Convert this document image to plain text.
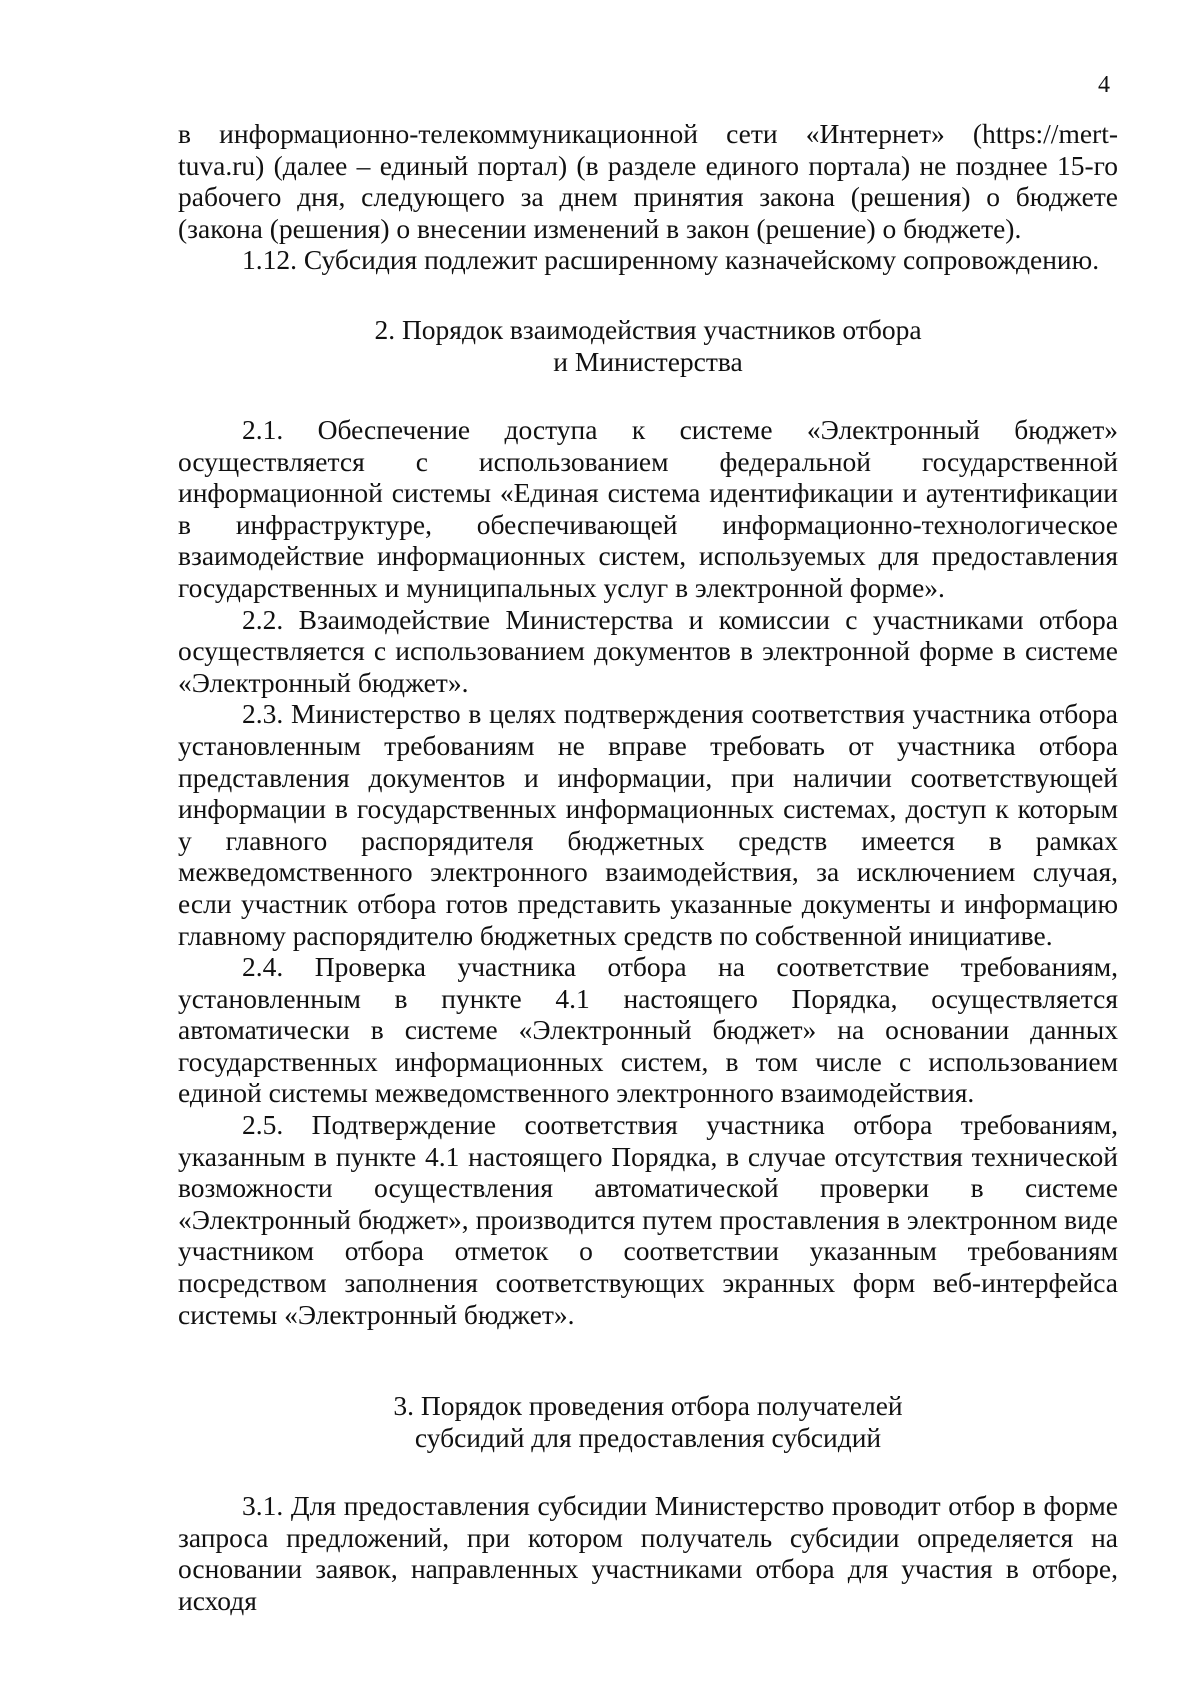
4

в информационно-телекоммуникационной сети «Интернет» (https://mert-tuva.ru) (далее – единый портал) (в разделе единого портала) не позднее 15-го рабочего дня, следующего за днем принятия закона (решения) о бюджете (закона (решения) о внесении изменений в закон (решение) о бюджете).

1.12. Субсидия подлежит расширенному казначейскому сопровождению.

2. Порядок взаимодействия участников отбора
и Министерства

2.1. Обеспечение доступа к системе «Электронный бюджет» осуществляется с использованием федеральной государственной информационной системы «Единая система идентификации и аутентификации в инфраструктуре, обеспечивающей информационно-технологическое взаимодействие информационных систем, используемых для предоставления государственных и муниципальных услуг в электронной форме».

2.2. Взаимодействие Министерства и комиссии с участниками отбора осуществляется с использованием документов в электронной форме в системе «Электронный бюджет».

2.3. Министерство в целях подтверждения соответствия участника отбора установленным требованиям не вправе требовать от участника отбора представления документов и информации, при наличии соответствующей информации в государственных информационных системах, доступ к которым у главного распорядителя бюджетных средств имеется в рамках межведомственного электронного взаимодействия, за исключением случая, если участник отбора готов представить указанные документы и информацию главному распорядителю бюджетных средств по собственной инициативе.

2.4. Проверка участника отбора на соответствие требованиям, установленным в пункте 4.1 настоящего Порядка, осуществляется автоматически в системе «Электронный бюджет» на основании данных государственных информационных систем, в том числе с использованием единой системы межведомственного электронного взаимодействия.

2.5. Подтверждение соответствия участника отбора требованиям, указанным в пункте 4.1 настоящего Порядка, в случае отсутствия технической возможности осуществления автоматической проверки в системе «Электронный бюджет», производится путем проставления в электронном виде участником отбора отметок о соответствии указанным требованиям посредством заполнения соответствующих экранных форм веб-интерфейса системы «Электронный бюджет».

3. Порядок проведения отбора получателей
субсидий для предоставления субсидий

3.1. Для предоставления субсидии Министерство проводит отбор в форме запроса предложений, при котором получатель субсидии определяется на основании заявок, направленных участниками отбора для участия в отборе, исходя
